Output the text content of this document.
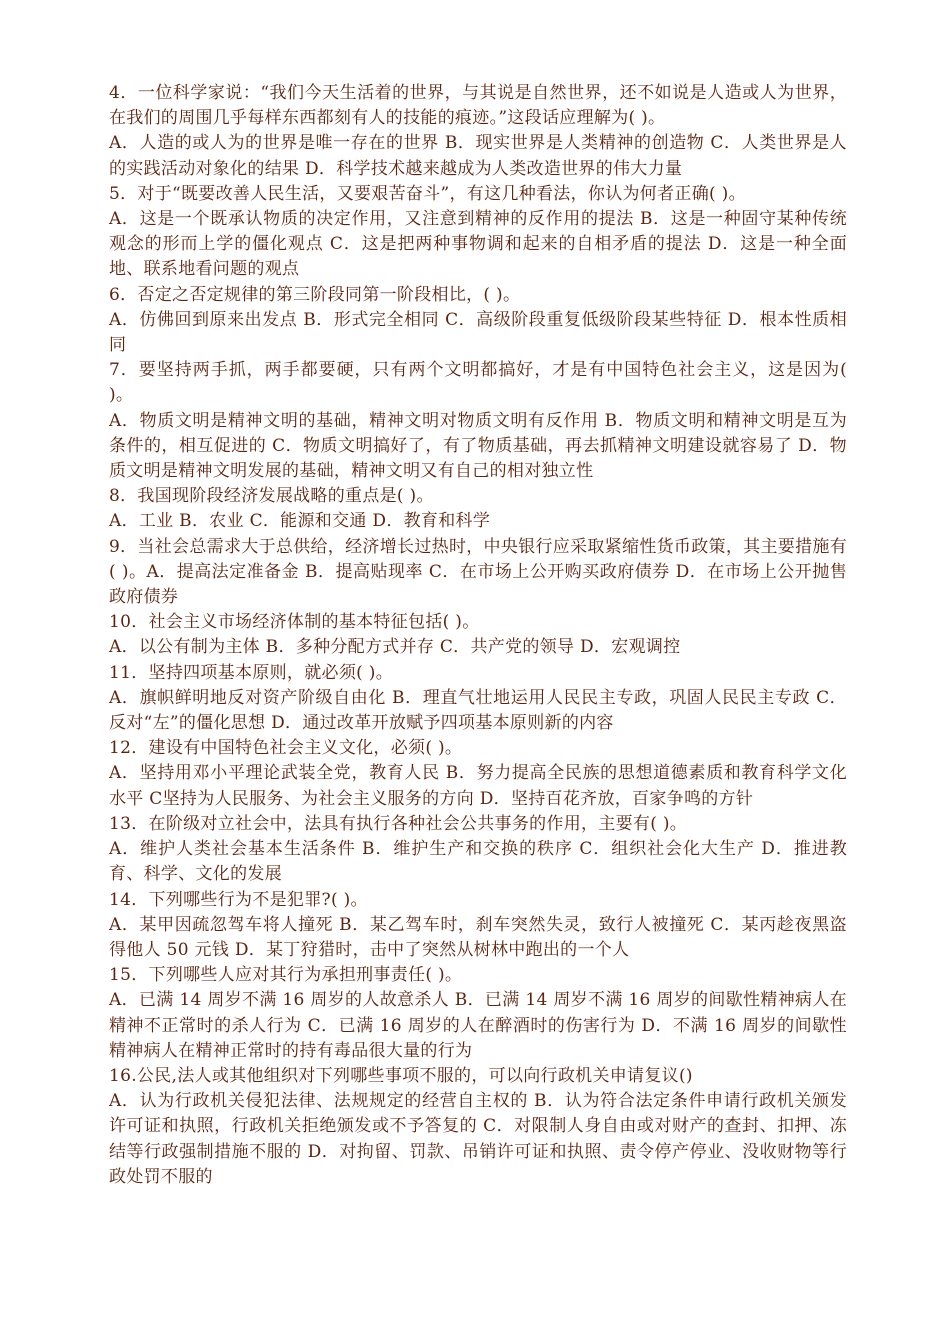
4．一位科学家说：“我们今天生活着的世界，与其说是自然世界，还不如说是人造或人为世界，在我们的周围几乎每样东西都刻有人的技能的痕迹。”这段话应理解为( )。
A．人造的或人为的世界是唯一存在的世界 B．现实世界是人类精神的创造物 C．人类世界是人的实践活动对象化的结果 D．科学技术越来越成为人类改造世界的伟大力量
5．对于“既要改善人民生活，又要艰苦奋斗”，有这几种看法，你认为何者正确( )。
A．这是一个既承认物质的决定作用，又注意到精神的反作用的提法 B．这是一种固守某种传统观念的形而上学的僵化观点 C．这是把两种事物调和起来的自相矛盾的提法 D．这是一种全面地、联系地看问题的观点
6．否定之否定规律的第三阶段同第一阶段相比，( )。
A．仿佛回到原来出发点 B．形式完全相同 C．高级阶段重复低级阶段某些特征 D．根本性质相同
7．要坚持两手抓，两手都要硬，只有两个文明都搞好，才是有中国特色社会主义，这是因为( )。
A．物质文明是精神文明的基础，精神文明对物质文明有反作用 B．物质文明和精神文明是互为条件的，相互促进的 C．物质文明搞好了，有了物质基础，再去抓精神文明建设就容易了 D．物质文明是精神文明发展的基础，精神文明又有自己的相对独立性
8．我国现阶段经济发展战略的重点是( )。
A．工业 B．农业 C．能源和交通 D．教育和科学
9．当社会总需求大于总供给，经济增长过热时，中央银行应采取紧缩性货币政策，其主要措施有( )。A．提高法定准备金 B．提高贴现率 C．在市场上公开购买政府债券 D．在市场上公开抛售政府债券
10．社会主义市场经济体制的基本特征包括( )。
A．以公有制为主体 B．多种分配方式并存 C．共产党的领导 D．宏观调控
11．坚持四项基本原则，就必须( )。
A．旗帜鲜明地反对资产阶级自由化 B．理直气壮地运用人民民主专政，巩固人民民主专政 C．反对“左”的僵化思想 D．通过改革开放赋予四项基本原则新的内容
12．建设有中国特色社会主义文化，必须( )。
A．坚持用邓小平理论武装全党，教育人民 B．努力提高全民族的思想道德素质和教育科学文化水平 C坚持为人民服务、为社会主义服务的方向 D．坚持百花齐放，百家争鸣的方针
13．在阶级对立社会中，法具有执行各种社会公共事务的作用，主要有( )。
A．维护人类社会基本生活条件 B．维护生产和交换的秩序 C．组织社会化大生产 D．推进教育、科学、文化的发展
14．下列哪些行为不是犯罪?( )。
A．某甲因疏忽驾车将人撞死 B．某乙驾车时，刹车突然失灵，致行人被撞死 C．某丙趁夜黑盗得他人 50 元钱 D．某丁狩猎时，击中了突然从树林中跑出的一个人
15．下列哪些人应对其行为承担刑事责任( )。
A．已满 14 周岁不满 16 周岁的人故意杀人 B．已满 14 周岁不满 16 周岁的间歇性精神病人在精神不正常时的杀人行为 C．已满 16 周岁的人在醉酒时的伤害行为 D．不满 16 周岁的间歇性精神病人在精神正常时的持有毒品很大量的行为
16.公民,法人或其他组织对下列哪些事项不服的，可以向行政机关申请复议()
A．认为行政机关侵犯法律、法规规定的经营自主权的 B．认为符合法定条件申请行政机关颁发许可证和执照，行政机关拒绝颁发或不予答复的 C．对限制人身自由或对财产的查封、扣押、冻结等行政强制措施不服的 D．对拘留、罚款、吊销许可证和执照、责令停产停业、没收财物等行政处罚不服的
